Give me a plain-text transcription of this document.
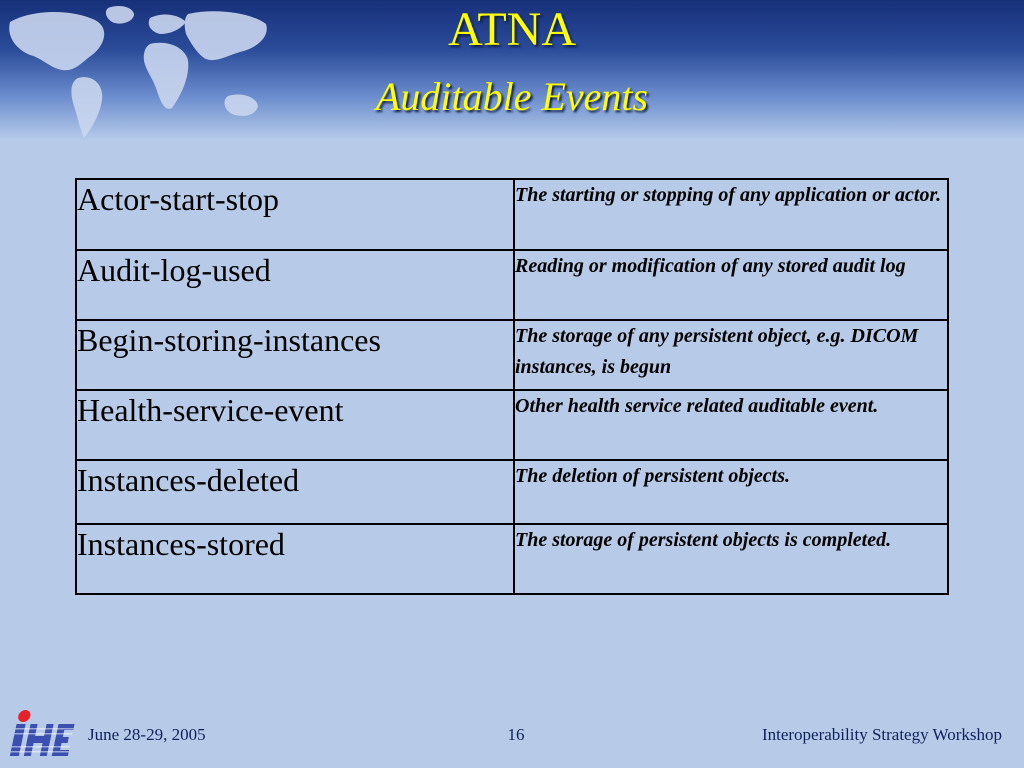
ATNA
Auditable Events
Actor-start-stop	The starting or stopping of any application or actor.
Audit-log-used	Reading or modification of any stored audit log
Begin-storing-instances	The storage of any persistent object, e.g. DICOM instances, is begun
Health-service-event	Other health service related auditable event.
Instances-deleted	The deletion of persistent objects.
Instances-stored	The storage of persistent objects is completed.
June 28-29, 2005	16	Interoperability Strategy Workshop
